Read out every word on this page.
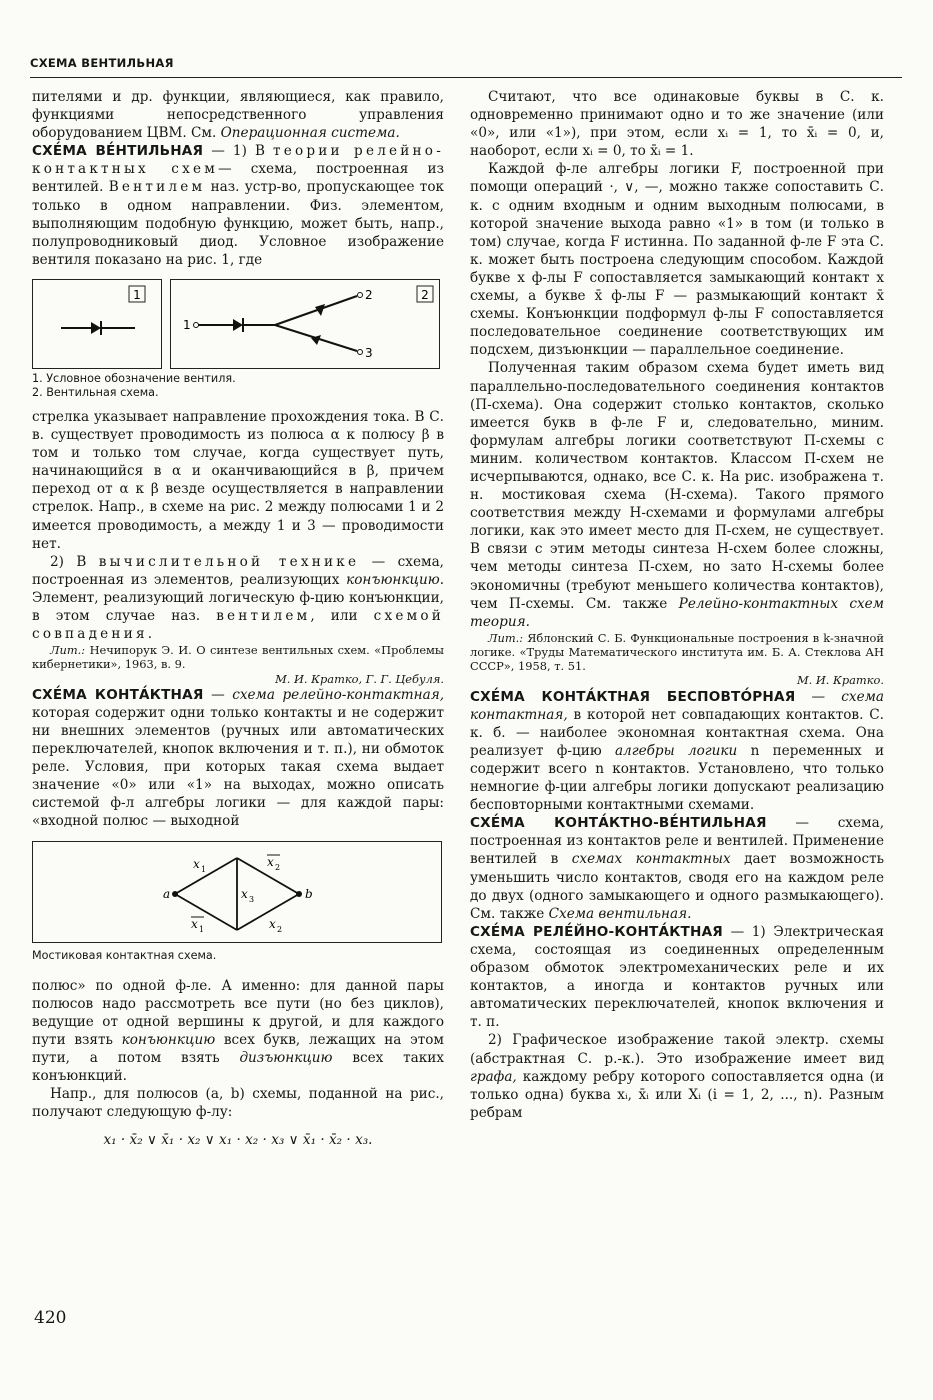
СХЕМА ВЕНТИЛЬНАЯ

пителями и др. функции, являющиеся, как правило, функциями непосредственного управления оборудованием ЦВМ. См. Операционная система.

СХЕ́МА ВЕ́НТИЛЬНАЯ — 1) В теории релейно-контактных схем— схема, построенная из вентилей. Вентилем наз. устр-во, пропускающее ток только в одном направлении. Физ. элементом, выполняющим подобную функцию, может быть, напр., полупроводниковый диод. Условное изображение вентиля показано на рис. 1, где

1	2
1
2
3
1. Условное обозначение вентиля.
2. Вентильная схема.

стрелка указывает направление прохождения тока. В С. в. существует проводимость из полюса α к полюсу β в том и только том случае, когда существует путь, начинающийся в α и оканчивающийся в β, причем переход от α к β везде осуществляется в направлении стрелок. Напр., в схеме на рис. 2 между полюсами 1 и 2 имеется проводимость, а между 1 и 3 — проводимости нет.

2) В вычислительной технике — схема, построенная из элементов, реализующих конъюнкцию. Элемент, реализующий логическую ф-цию конъюнкции, в этом случае наз. вентилем, или схемой совпадения.

Лит.: Нечипорук Э. И. О синтезе вентильных схем. «Проблемы кибернетики», 1963, в. 9.

М. И. Кратко, Г. Г. Цебуля.

СХЕ́МА КОНТА́КТНАЯ — схема релейно-контактная, которая содержит одни только контакты и не содержит ни внешних элементов (ручных или автоматических переключателей, кнопок включения и т. п.), ни обмоток реле. Условия, при которых такая схема выдает значение «0» или «1» на выходах, можно описать системой ф-л алгебры логики — для каждой пары: «входной полюс — выходной

a	b
x 1
x 2
x 3
x 1	x 2
Мостиковая контактная схема.

полюс» по одной ф-ле. А именно: для данной пары полюсов надо рассмотреть все пути (но без циклов), ведущие от одной вершины к другой, и для каждого пути взять конъюнкцию всех букв, лежащих на этом пути, а потом взять дизъюнкцию всех таких конъюнкций.

Напр., для полюсов (a, b) схемы, поданной на рис., получают следующую ф-лу:

x₁ · x̄₂ ∨ x̄₁ · x₂ ∨ x₁ · x₂ · x₃ ∨ x̄₁ · x̄₂ · x₃.

420

Считают, что все одинаковые буквы в С. к. одновременно принимают одно и то же значение (или «0», или «1»), при этом, если xᵢ = 1, то x̄ᵢ = 0, и, наоборот, если xᵢ = 0, то x̄ᵢ = 1.

Каждой ф-ле алгебры логики F, построенной при помощи операций ·, ∨, —, можно также сопоставить С. к. с одним входным и одним выходным полюсами, в которой значение выхода равно «1» в том (и только в том) случае, когда F истинна. По заданной ф-ле F эта С. к. может быть построена следующим способом. Каждой букве x ф-лы F сопоставляется замыкающий контакт x схемы, а букве x̄ ф-лы F — размыкающий контакт x̄ схемы. Конъюнкции подформул ф-лы F сопоставляется последовательное соединение соответствующих им подсхем, дизъюнкции — параллельное соединение.

Полученная таким образом схема будет иметь вид параллельно-последовательного соединения контактов (П-схема). Она содержит столько контактов, сколько имеется букв в ф-ле F и, следовательно, миним. формулам алгебры логики соответствуют П-схемы с миним. количеством контактов. Классом П-схем не исчерпываются, однако, все С. к. На рис. изображена т. н. мостиковая схема (Н-схема). Такого прямого соответствия между Н-схемами и формулами алгебры логики, как это имеет место для П-схем, не существует. В связи с этим методы синтеза Н-схем более сложны, чем методы синтеза П-схем, но зато Н-схемы более экономичны (требуют меньшего количества контактов), чем П-схемы. См. также Релейно-контактных схем теория.

Лит.: Яблонский С. Б. Функциональные построения в k-значной логике. «Труды Математического института им. Б. А. Стеклова АН СССР», 1958, т. 51.

М. И. Кратко.

СХЕ́МА КОНТА́КТНАЯ БЕСПОВТО́РНАЯ — схема контактная, в которой нет совпадающих контактов. С. к. б. — наиболее экономная контактная схема. Она реализует ф-цию алгебры логики n переменных и содержит всего n контактов. Установлено, что только немногие ф-ции алгебры логики допускают реализацию бесповторными контактными схемами.

СХЕ́МА КОНТА́КТНО-ВЕ́НТИЛЬНАЯ — схема, построенная из контактов реле и вентилей. Применение вентилей в схемах контактных дает возможность уменьшить число контактов, сводя его на каждом реле до двух (одного замыкающего и одного размыкающего). См. также Схема вентильная.

СХЕ́МА РЕЛЕ́ЙНО-КОНТА́КТНАЯ — 1) Электрическая схема, состоящая из соединенных определенным образом обмоток электромеханических реле и их контактов, а иногда и контактов ручных или автоматических переключателей, кнопок включения и т. п.

2) Графическое изображение такой электр. схемы (абстрактная С. р.-к.). Это изображение имеет вид графа, каждому ребру которого сопоставляется одна (и только одна) буква xᵢ, x̄ᵢ или Xᵢ (i = 1, 2, ..., n). Разным ребрам
